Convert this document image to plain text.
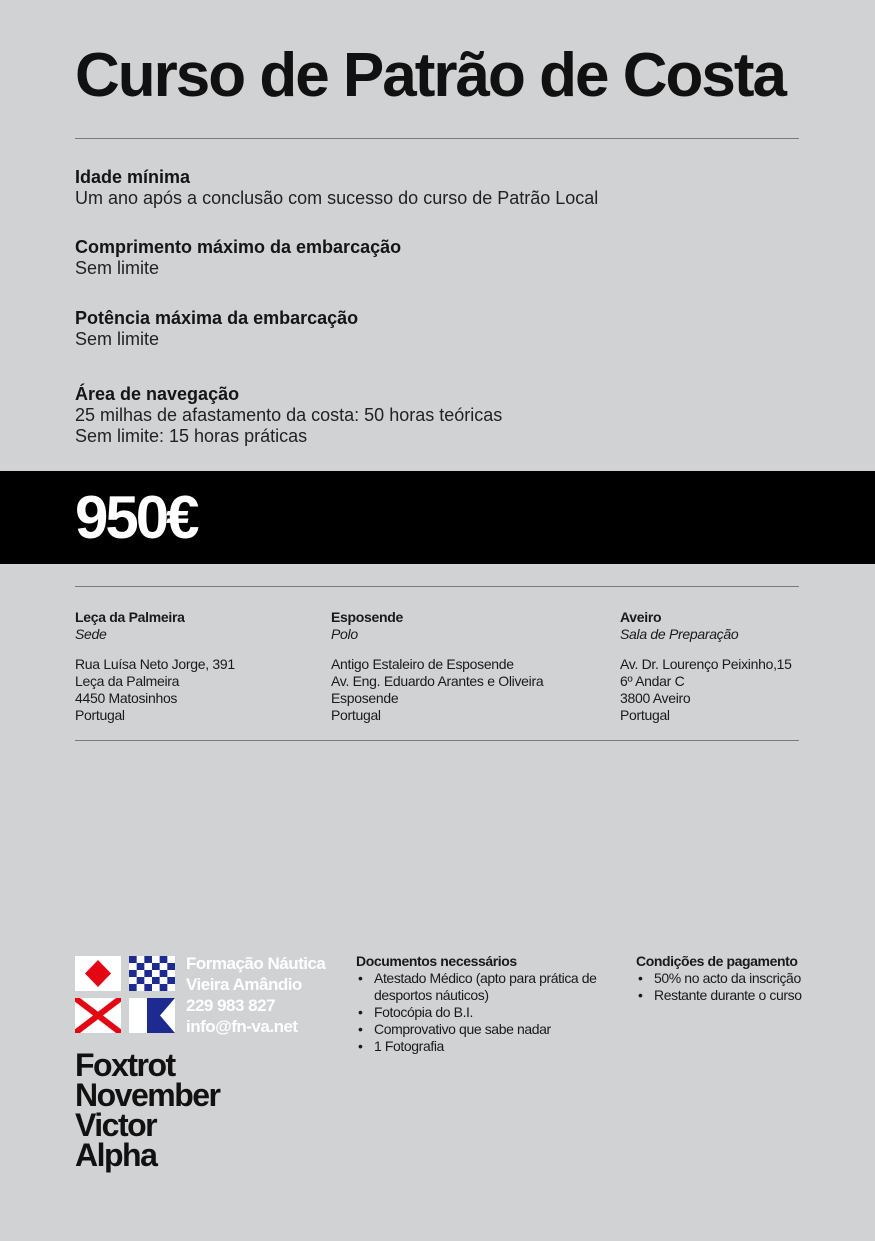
Curso de Patrão de Costa
Idade mínima
Um ano após a conclusão com sucesso do curso de Patrão Local
Comprimento máximo da embarcação
Sem limite
Potência máxima da embarcação
Sem limite
Área de navegação
25 milhas de afastamento da costa: 50 horas teóricas
Sem limite: 15 horas práticas
950€
Leça da Palmeira
Sede
Rua Luísa Neto Jorge, 391
Leça da Palmeira
4450 Matosinhos
Portugal
Esposende
Polo
Antigo Estaleiro de Esposende
Av. Eng. Eduardo Arantes e Oliveira
Esposende
Portugal
Aveiro
Sala de Preparação
Av. Dr. Lourenço Peixinho,15
6º Andar C
3800 Aveiro
Portugal
Formação Náutica
Vieira Amândio
229 983 827
info@fn-va.net
Foxtrot
November
Victor
Alpha
Documentos necessários
• Atestado Médico (apto para prática de desportos náuticos)
• Fotocópia do B.I.
• Comprovativo que sabe nadar
• 1 Fotografia
Condições de pagamento
• 50% no acto da inscrição
• Restante durante o curso
